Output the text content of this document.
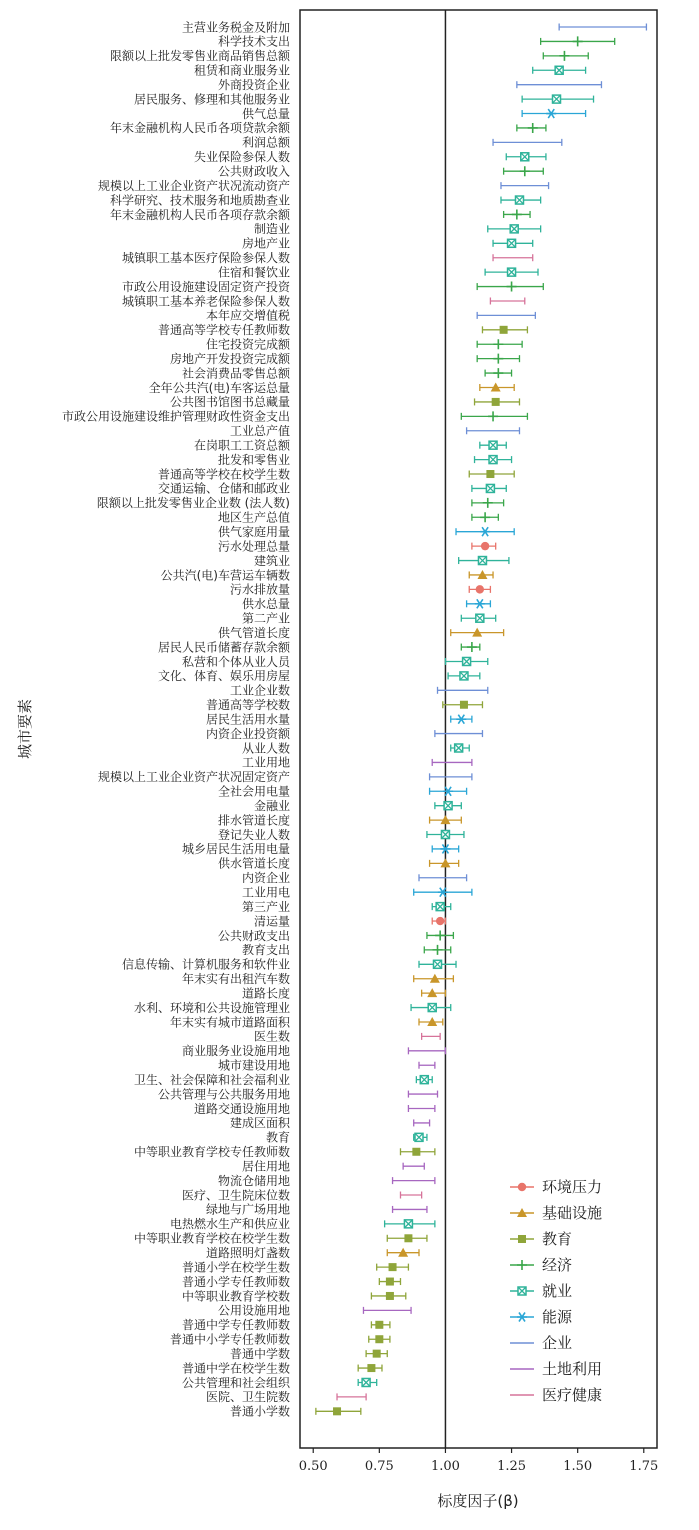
主营业务税金及附加
科学技术支出
限额以上批发零售业商品销售总额
租赁和商业服务业
外商投资企业
居民服务、修理和其他服务业
供气总量
年末金融机构人民币各项贷款余额
利润总额
失业保险参保人数
公共财政收入
规模以上工业企业资产状况流动资产
科学研究、技术服务和地质勘查业
年末金融机构人民币各项存款余额
制造业
房地产业
城镇职工基本医疗保险参保人数
住宿和餐饮业
市政公用设施建设固定资产投资
城镇职工基本养老保险参保人数
本年应交增值税
普通高等学校专任教师数
住宅投资完成额
房地产开发投资完成额
社会消费品零售总额
全年公共汽(电)车客运总量
公共图书馆图书总藏量
市政公用设施建设维护管理财政性资金支出
工业总产值
在岗职工工资总额
批发和零售业
普通高等学校在校学生数
交通运输、仓储和邮政业
限额以上批发零售业企业数 (法人数)
地区生产总值
供气家庭用量
污水处理总量
建筑业
公共汽(电)车营运车辆数
污水排放量
供水总量
第二产业
供气管道长度
居民人民币储蓄存款余额
私营和个体从业人员
文化、体育、娱乐用房屋
工业企业数
普通高等学校数
居民生活用水量
内资企业投资额
从业人数
工业用地
规模以上工业企业资产状况固定资产
全社会用电量
金融业
排水管道长度
登记失业人数
城乡居民生活用电量
供水管道长度
内资企业
工业用电
第三产业
清运量
公共财政支出
教育支出
信息传输、计算机服务和软件业
年末实有出租汽车数
道路长度
水利、环境和公共设施管理业
年末实有城市道路面积
医生数
商业服务业设施用地
城市建设用地
卫生、社会保障和社会福利业
公共管理与公共服务用地
道路交通设施用地
建成区面积
教育
中等职业教育学校专任教师数
居住用地
物流仓储用地
医疗、卫生院床位数
绿地与广场用地
电热燃水生产和供应业
中等职业教育学校在校学生数
道路照明灯盏数
普通小学在校学生数
普通小学专任教师数
中等职业教育学校数
公用设施用地
普通中学专任教师数
普通中小学专任教师数
普通中学数
普通中学在校学生数
公共管理和社会组织
医院、卫生院数
普通小学数
0.50	0.75	1.00	1.25	1.50	1.75
标度因子(β)
城市要素
环境压力
基础设施
教育
经济
就业
能源
企业
土地利用
医疗健康
